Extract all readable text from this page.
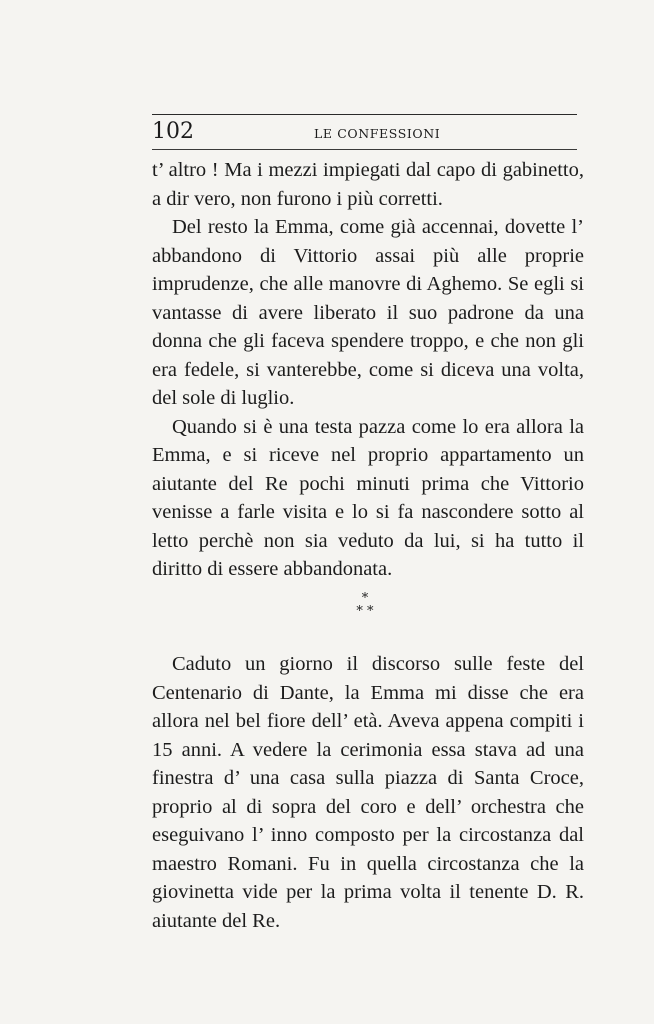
102	LE CONFESSIONI

t’ altro ! Ma i mezzi impiegati dal capo di gabinetto, a dir vero, non furono i più corretti.

Del resto la Emma, come già accennai, dovette l’ abbandono di Vittorio assai più alle proprie imprudenze, che alle manovre di Aghemo. Se egli si vantasse di avere liberato il suo padrone da una donna che gli faceva spendere troppo, e che non gli era fedele, si vanterebbe, come si diceva una volta, del sole di luglio.

Quando si è una testa pazza come lo era allora la Emma, e si riceve nel proprio appartamento un aiutante del Re pochi minuti prima che Vittorio venisse a farle visita e lo si fa nascondere sotto al letto perchè non sia veduto da lui, si ha tutto il diritto di essere abbandonata.

*
* *

Caduto un giorno il discorso sulle feste del Centenario di Dante, la Emma mi disse che era allora nel bel fiore dell’ età. Aveva appena compiti i 15 anni. A vedere la cerimonia essa stava ad una finestra d’ una casa sulla piazza di Santa Croce, proprio al di sopra del coro e dell’ orchestra che eseguivano l’ inno composto per la circostanza dal maestro Romani. Fu in quella circostanza che la giovinetta vide per la prima volta il tenente D. R. aiutante del Re.
